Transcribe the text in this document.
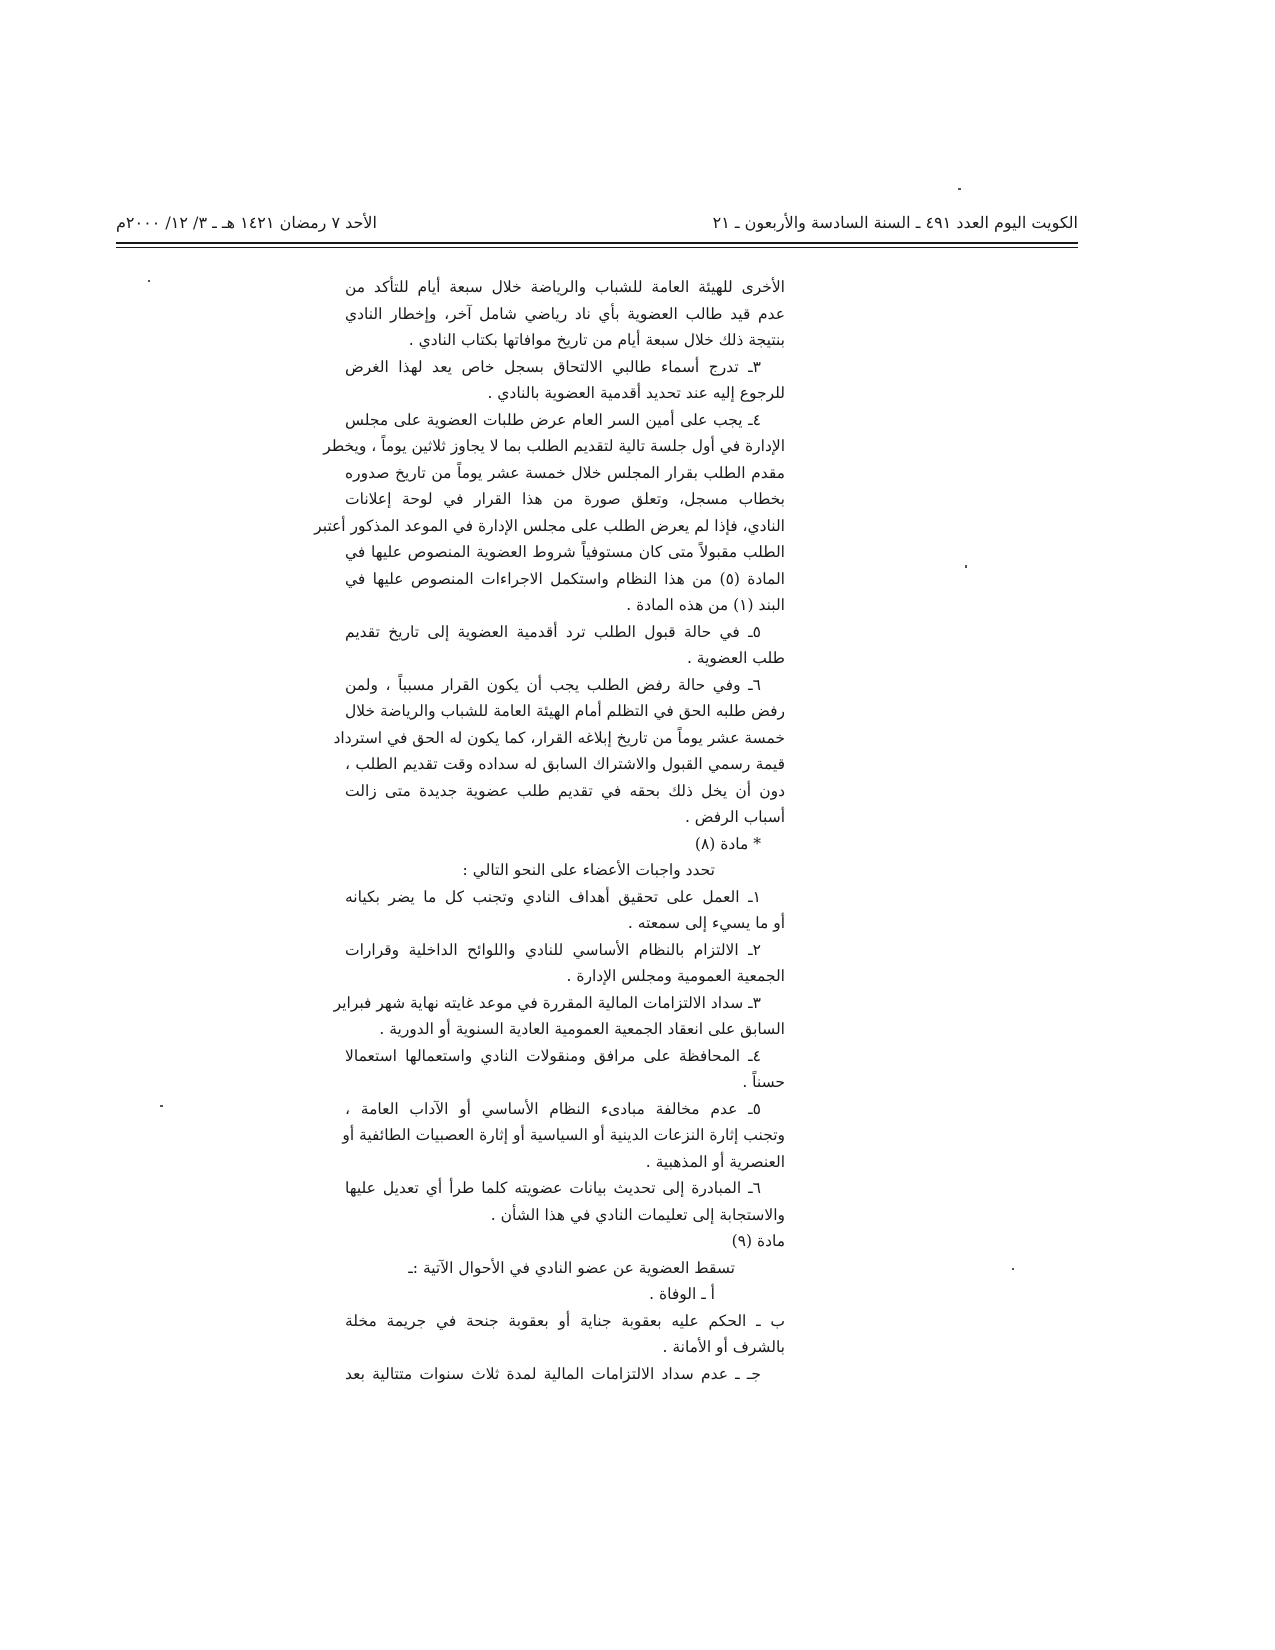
الكويت اليوم العدد ٤٩١ ـ السنة السادسة والأربعون ـ ٢١
الأحد ٧ رمضان ١٤٢١ هـ ـ ٣/ ١٢/ ٢٠٠٠م
الأخرى للهيئة العامة للشباب والرياضة خلال سبعة أيام للتأكد من
عدم قيد طالب العضوية بأي ناد رياضي شامل آخر، وإخطار النادي
بنتيجة ذلك خلال سبعة أيام من تاريخ موافاتها بكتاب النادي .
٣ـ تدرج أسماء طالبي الالتحاق بسجل خاص يعد لهذا الغرض
للرجوع إليه عند تحديد أقدمية العضوية بالنادي .
٤ـ يجب على أمين السر العام عرض طلبات العضوية على مجلس
الإدارة في أول جلسة تالية لتقديم الطلب بما لا يجاوز ثلاثين يوماً ، ويخطر
مقدم الطلب بقرار المجلس خلال خمسة عشر يوماً من تاريخ صدوره
بخطاب مسجل، وتعلق صورة من هذا القرار في لوحة إعلانات
النادي، فإذا لم يعرض الطلب على مجلس الإدارة في الموعد المذكور أعتبر
الطلب مقبولاً متى كان مستوفياً شروط العضوية المنصوص عليها في
المادة (٥) من هذا النظام واستكمل الاجراءات المنصوص عليها في
البند (١) من هذه المادة .
٥ـ في حالة قبول الطلب ترد أقدمية العضوية إلى تاريخ تقديم
طلب العضوية .
٦ـ وفي حالة رفض الطلب يجب أن يكون القرار مسبباً ، ولمن
رفض طلبه الحق في التظلم أمام الهيئة العامة للشباب والرياضة خلال
خمسة عشر يوماً من تاريخ إبلاغه القرار، كما يكون له الحق في استرداد
قيمة رسمي القبول والاشتراك السابق له سداده وقت تقديم الطلب ،
دون أن يخل ذلك بحقه في تقديم طلب عضوية جديدة متى زالت
أسباب الرفض .
* مادة (٨)
تحدد واجبات الأعضاء على النحو التالي :
١ـ العمل على تحقيق أهداف النادي وتجنب كل ما يضر بكيانه
أو ما يسيء إلى سمعته .
٢ـ الالتزام بالنظام الأساسي للنادي واللوائح الداخلية وقرارات
الجمعية العمومية ومجلس الإدارة .
٣ـ سداد الالتزامات المالية المقررة في موعد غايته نهاية شهر فبراير
السابق على انعقاد الجمعية العمومية العادية السنوية أو الدورية .
٤ـ المحافظة على مرافق ومنقولات النادي واستعمالها استعمالا
حسناً .
٥ـ عدم مخالفة مبادىء النظام الأساسي أو الآداب العامة ،
وتجنب إثارة النزعات الدينية أو السياسية أو إثارة العصبيات الطائفية أو
العنصرية أو المذهبية .
٦ـ المبادرة إلى تحديث بيانات عضويته كلما طرأ أي تعديل عليها
والاستجابة إلى تعليمات النادي في هذا الشأن .
مادة (٩)
تسقط العضوية عن عضو النادي في الأحوال الآتية :ـ
أ ـ الوفاة .
ب ـ الحكم عليه بعقوبة جناية أو بعقوبة جنحة في جريمة مخلة
بالشرف أو الأمانة .
جـ ـ عدم سداد الالتزامات المالية لمدة ثلاث سنوات متتالية بعد
